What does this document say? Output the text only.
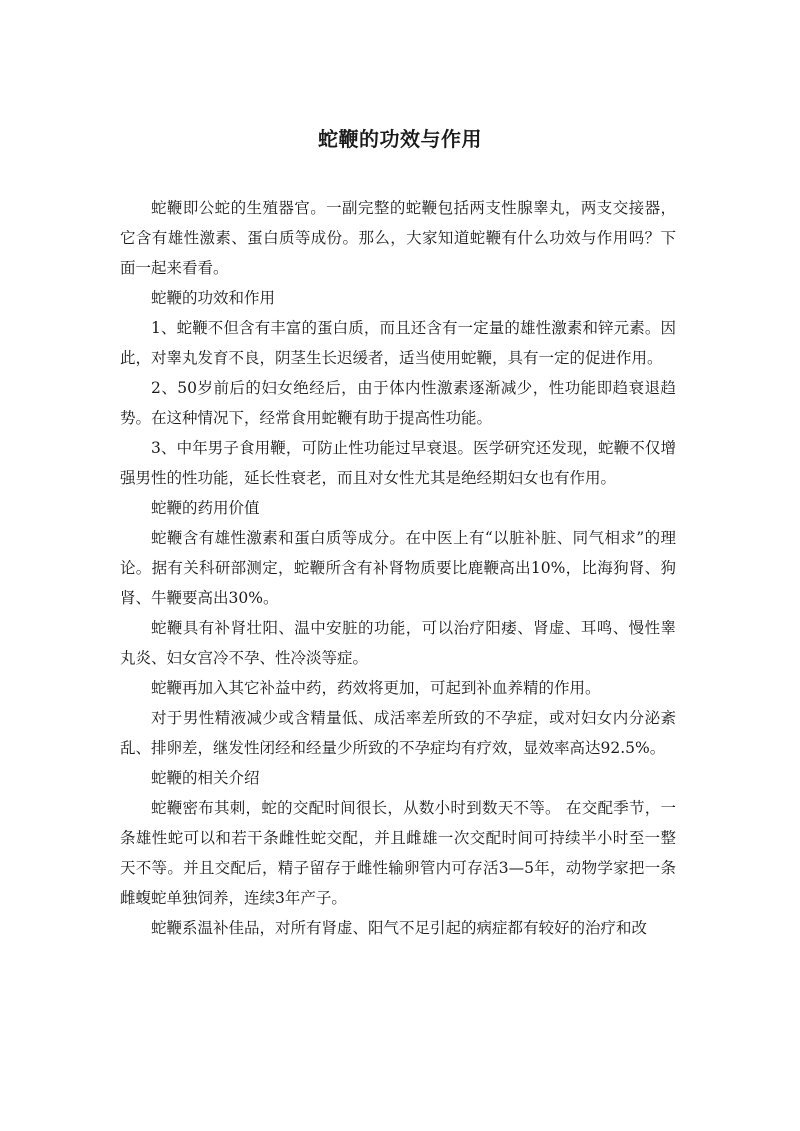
蛇鞭的功效与作用

蛇鞭即公蛇的生殖器官。一副完整的蛇鞭包括两支性腺睾丸，两支交接器，它含有雄性激素、蛋白质等成份。那么，大家知道蛇鞭有什么功效与作用吗？下面一起来看看。

蛇鞭的功效和作用

1、蛇鞭不但含有丰富的蛋白质，而且还含有一定量的雄性激素和锌元素。因此，对睾丸发育不良，阴茎生长迟缓者，适当使用蛇鞭，具有一定的促进作用。

2、50岁前后的妇女绝经后，由于体内性激素逐渐减少，性功能即趋衰退趋势。在这种情况下，经常食用蛇鞭有助于提高性功能。

3、中年男子食用鞭，可防止性功能过早衰退。医学研究还发现，蛇鞭不仅增强男性的性功能，延长性衰老，而且对女性尤其是绝经期妇女也有作用。

蛇鞭的药用价值

蛇鞭含有雄性激素和蛋白质等成分。在中医上有“以脏补脏、同气相求”的理论。据有关科研部测定，蛇鞭所含有补肾物质要比鹿鞭高出10%，比海狗肾、狗肾、牛鞭要高出30%。

蛇鞭具有补肾壮阳、温中安脏的功能，可以治疗阳痿、肾虚、耳鸣、慢性睾丸炎、妇女宫冷不孕、性冷淡等症。

蛇鞭再加入其它补益中药，药效将更加，可起到补血养精的作用。

对于男性精液减少或含精量低、成活率差所致的不孕症，或对妇女内分泌紊乱、排卵差，继发性闭经和经量少所致的不孕症均有疗效，显效率高达92.5%。

蛇鞭的相关介绍

蛇鞭密布其刺，蛇的交配时间很长，从数小时到数天不等。 在交配季节，一条雄性蛇可以和若干条雌性蛇交配，并且雌雄一次交配时间可持续半小时至一整天不等。并且交配后，精子留存于雌性输卵管内可存活3—5年，动物学家把一条雌蝮蛇单独饲养，连续3年产子。

蛇鞭系温补佳品，对所有肾虚、阳气不足引起的病症都有较好的治疗和改
